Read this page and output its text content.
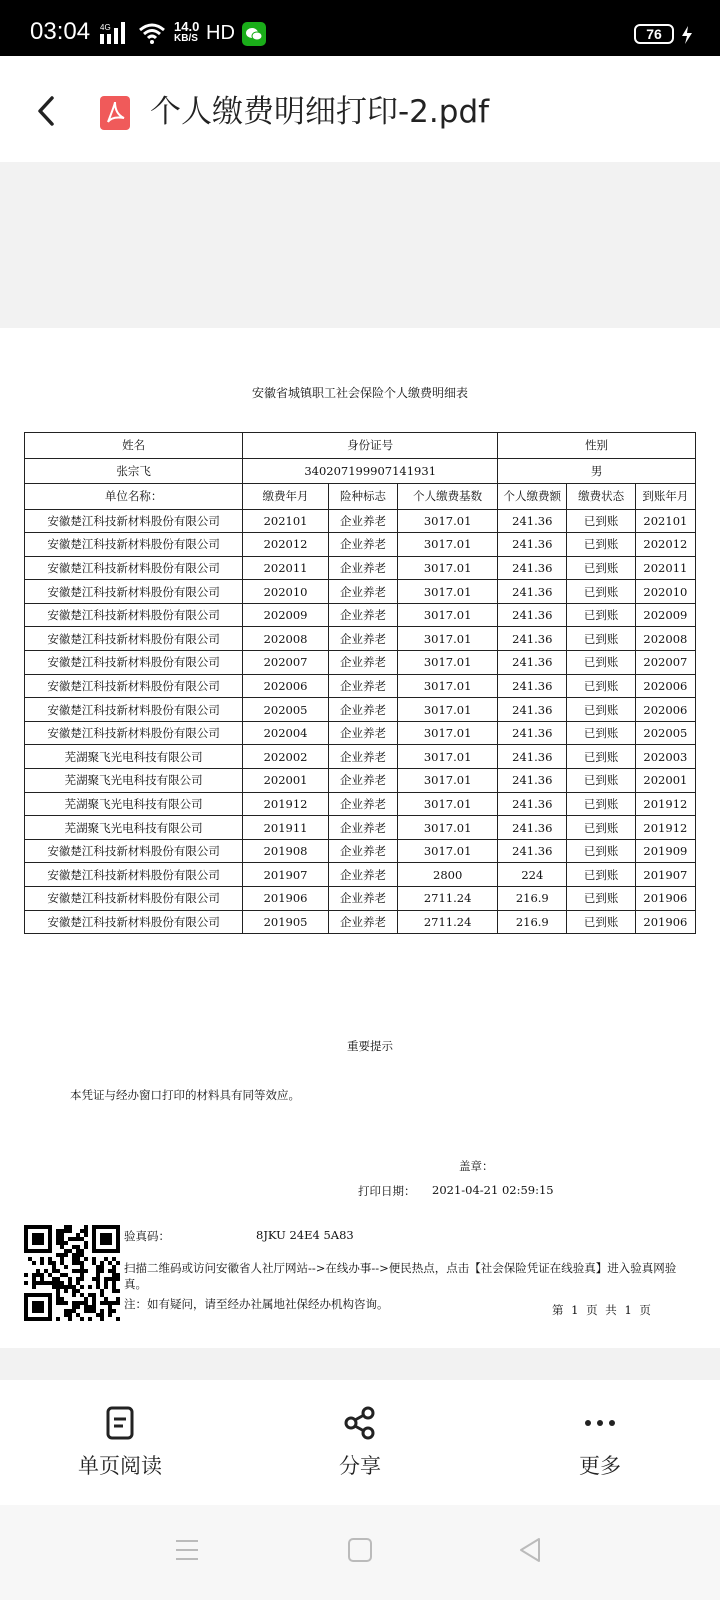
03:04 4G	14.0
KB/S HD	76
个人缴费明细打印-2.pdf
安徽省城镇职工社会保险个人缴费明细表
姓名	身份证号			性别		
张宗飞	340207199907141931			男		
单位名称：	缴费年月	险种标志	个人缴费基数	个人缴费额	缴费状态	到账年月
安徽楚江科技新材料股份有限公司	202101	企业养老	3017.01	241.36	已到账	202101
安徽楚江科技新材料股份有限公司	202012	企业养老	3017.01	241.36	已到账	202012
安徽楚江科技新材料股份有限公司	202011	企业养老	3017.01	241.36	已到账	202011
安徽楚江科技新材料股份有限公司	202010	企业养老	3017.01	241.36	已到账	202010
安徽楚江科技新材料股份有限公司	202009	企业养老	3017.01	241.36	已到账	202009
安徽楚江科技新材料股份有限公司	202008	企业养老	3017.01	241.36	已到账	202008
安徽楚江科技新材料股份有限公司	202007	企业养老	3017.01	241.36	已到账	202007
安徽楚江科技新材料股份有限公司	202006	企业养老	3017.01	241.36	已到账	202006
安徽楚江科技新材料股份有限公司	202005	企业养老	3017.01	241.36	已到账	202006
安徽楚江科技新材料股份有限公司	202004	企业养老	3017.01	241.36	已到账	202005
芜湖聚飞光电科技有限公司	202002	企业养老	3017.01	241.36	已到账	202003
芜湖聚飞光电科技有限公司	202001	企业养老	3017.01	241.36	已到账	202001
芜湖聚飞光电科技有限公司	201912	企业养老	3017.01	241.36	已到账	201912
芜湖聚飞光电科技有限公司	201911	企业养老	3017.01	241.36	已到账	201912
安徽楚江科技新材料股份有限公司	201908	企业养老	3017.01	241.36	已到账	201909
安徽楚江科技新材料股份有限公司	201907	企业养老	2800	224	已到账	201907
安徽楚江科技新材料股份有限公司	201906	企业养老	2711.24	216.9	已到账	201906
安徽楚江科技新材料股份有限公司	201905	企业养老	2711.24	216.9	已到账	201906
重要提示
本凭证与经办窗口打印的材料具有同等效应。
盖章：
打印日期： 2021-04-21 02:59:15
验真码：	8JKU 24E4 5A83
扫描二维码或访问安徽省人社厅网站-->在线办事-->便民热点，点击【社会保险凭证在线验真】进入验真网验真。
注：如有疑问，请至经办社属地社保经办机构咨询。	第 1 页 共 1 页
单页阅读	分享	更多
